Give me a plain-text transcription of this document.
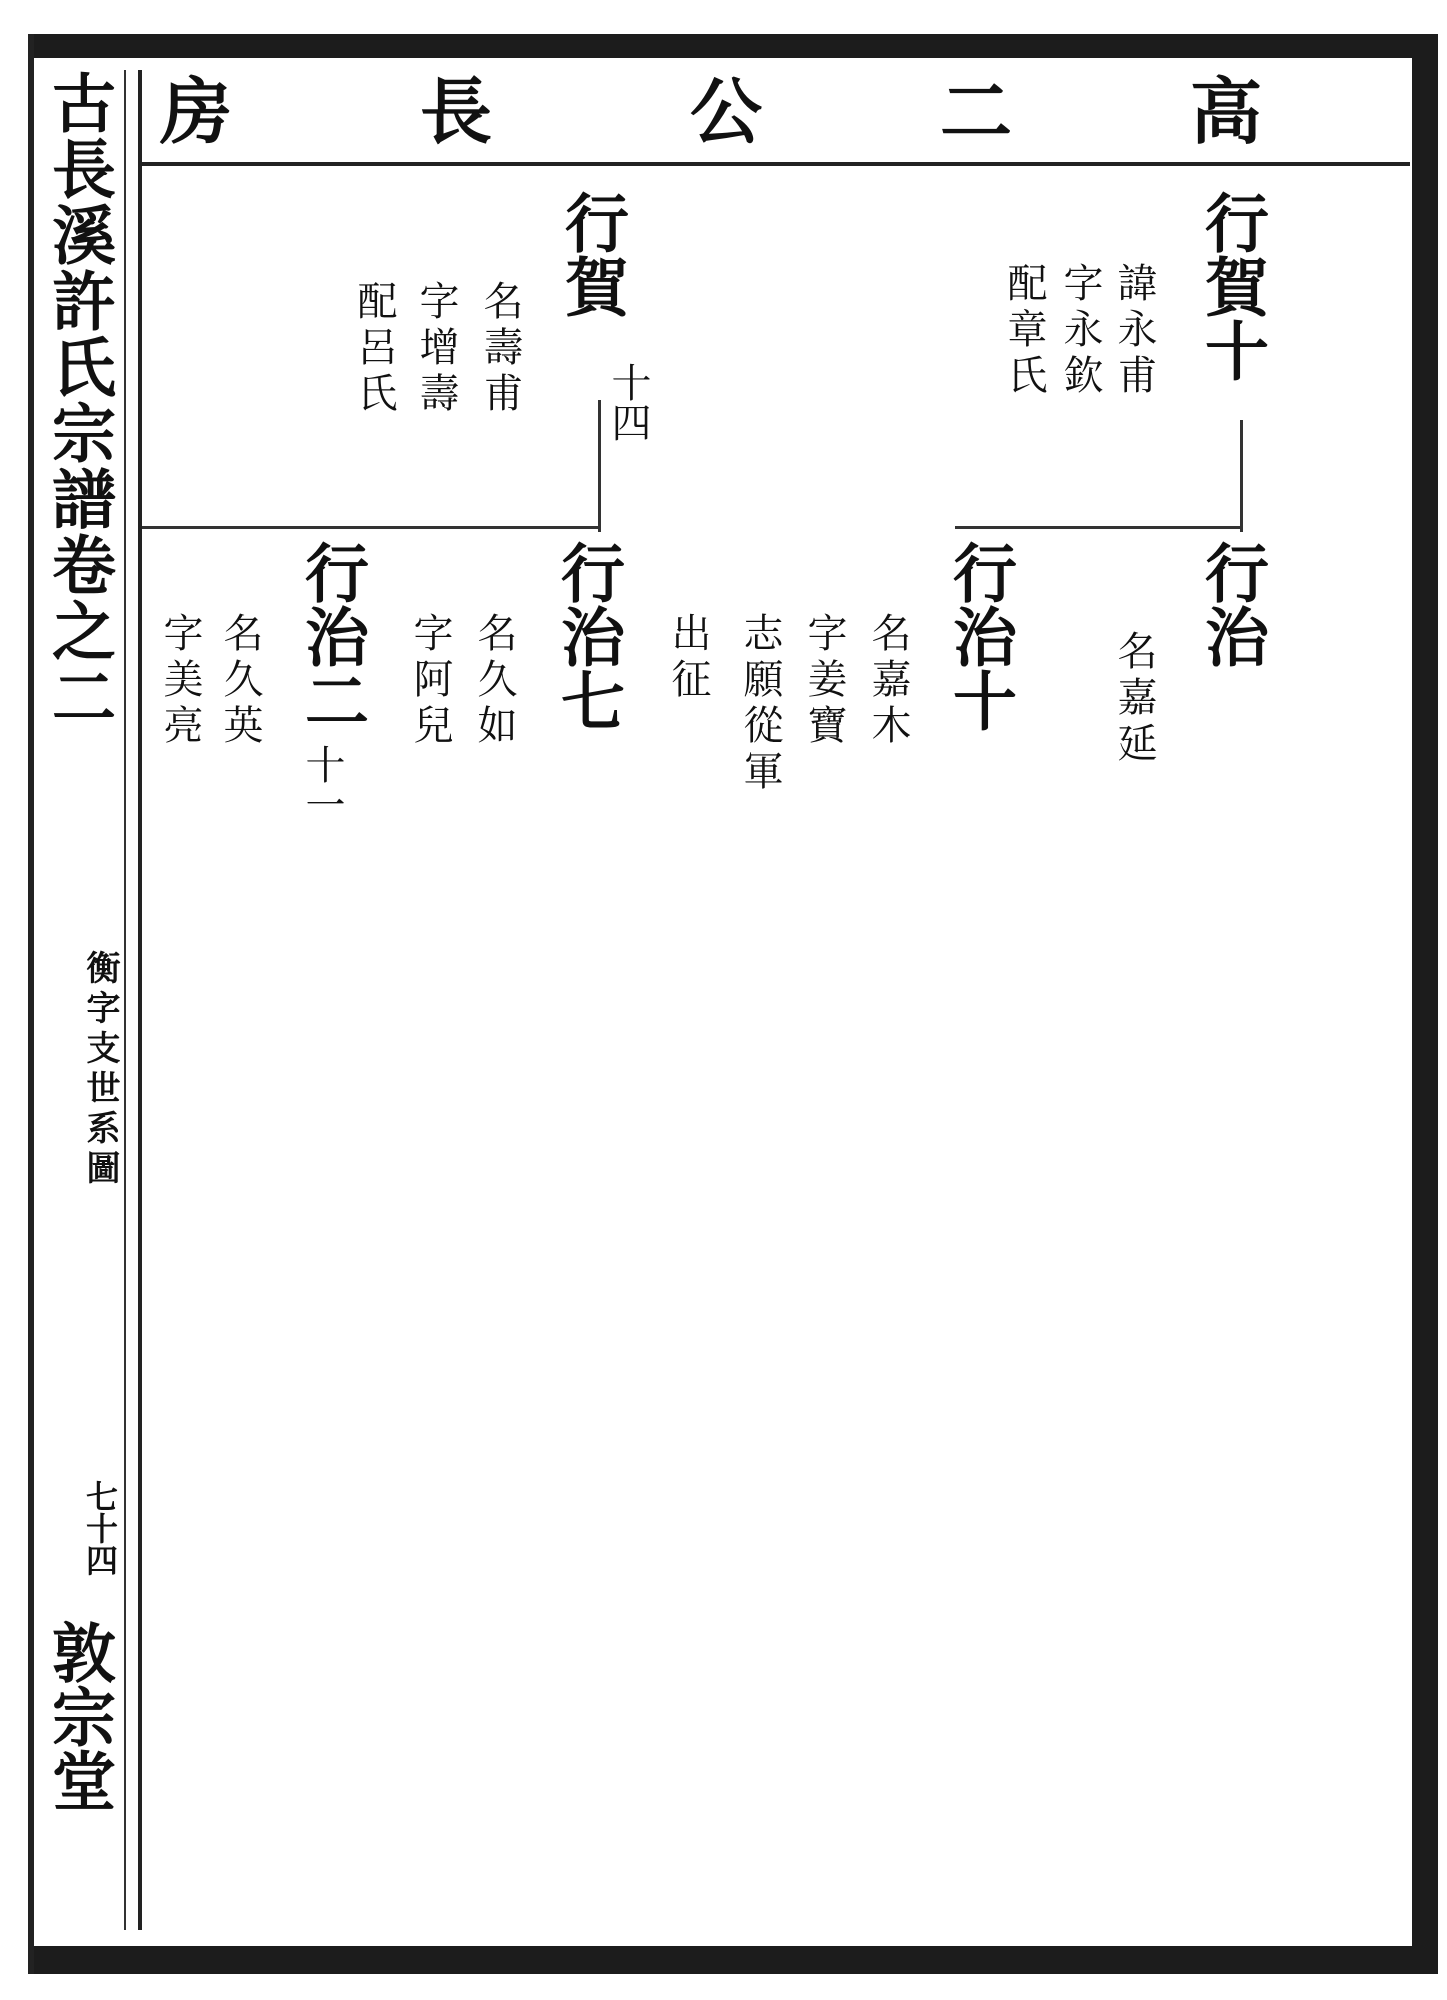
古長溪許氏宗譜卷之二
衡字支世系圖
七十四
敦宗堂
高
二
公
長
房
行賀十
諱永甫
字永欽
配章氏
行賀
十四
名壽甫
字增壽
配呂氏
行治
名嘉延
行治十
名嘉木
字姜寶
志願從軍
出征
行治七
名久如
字阿兒
行治二
十一
名久英
字美亮
